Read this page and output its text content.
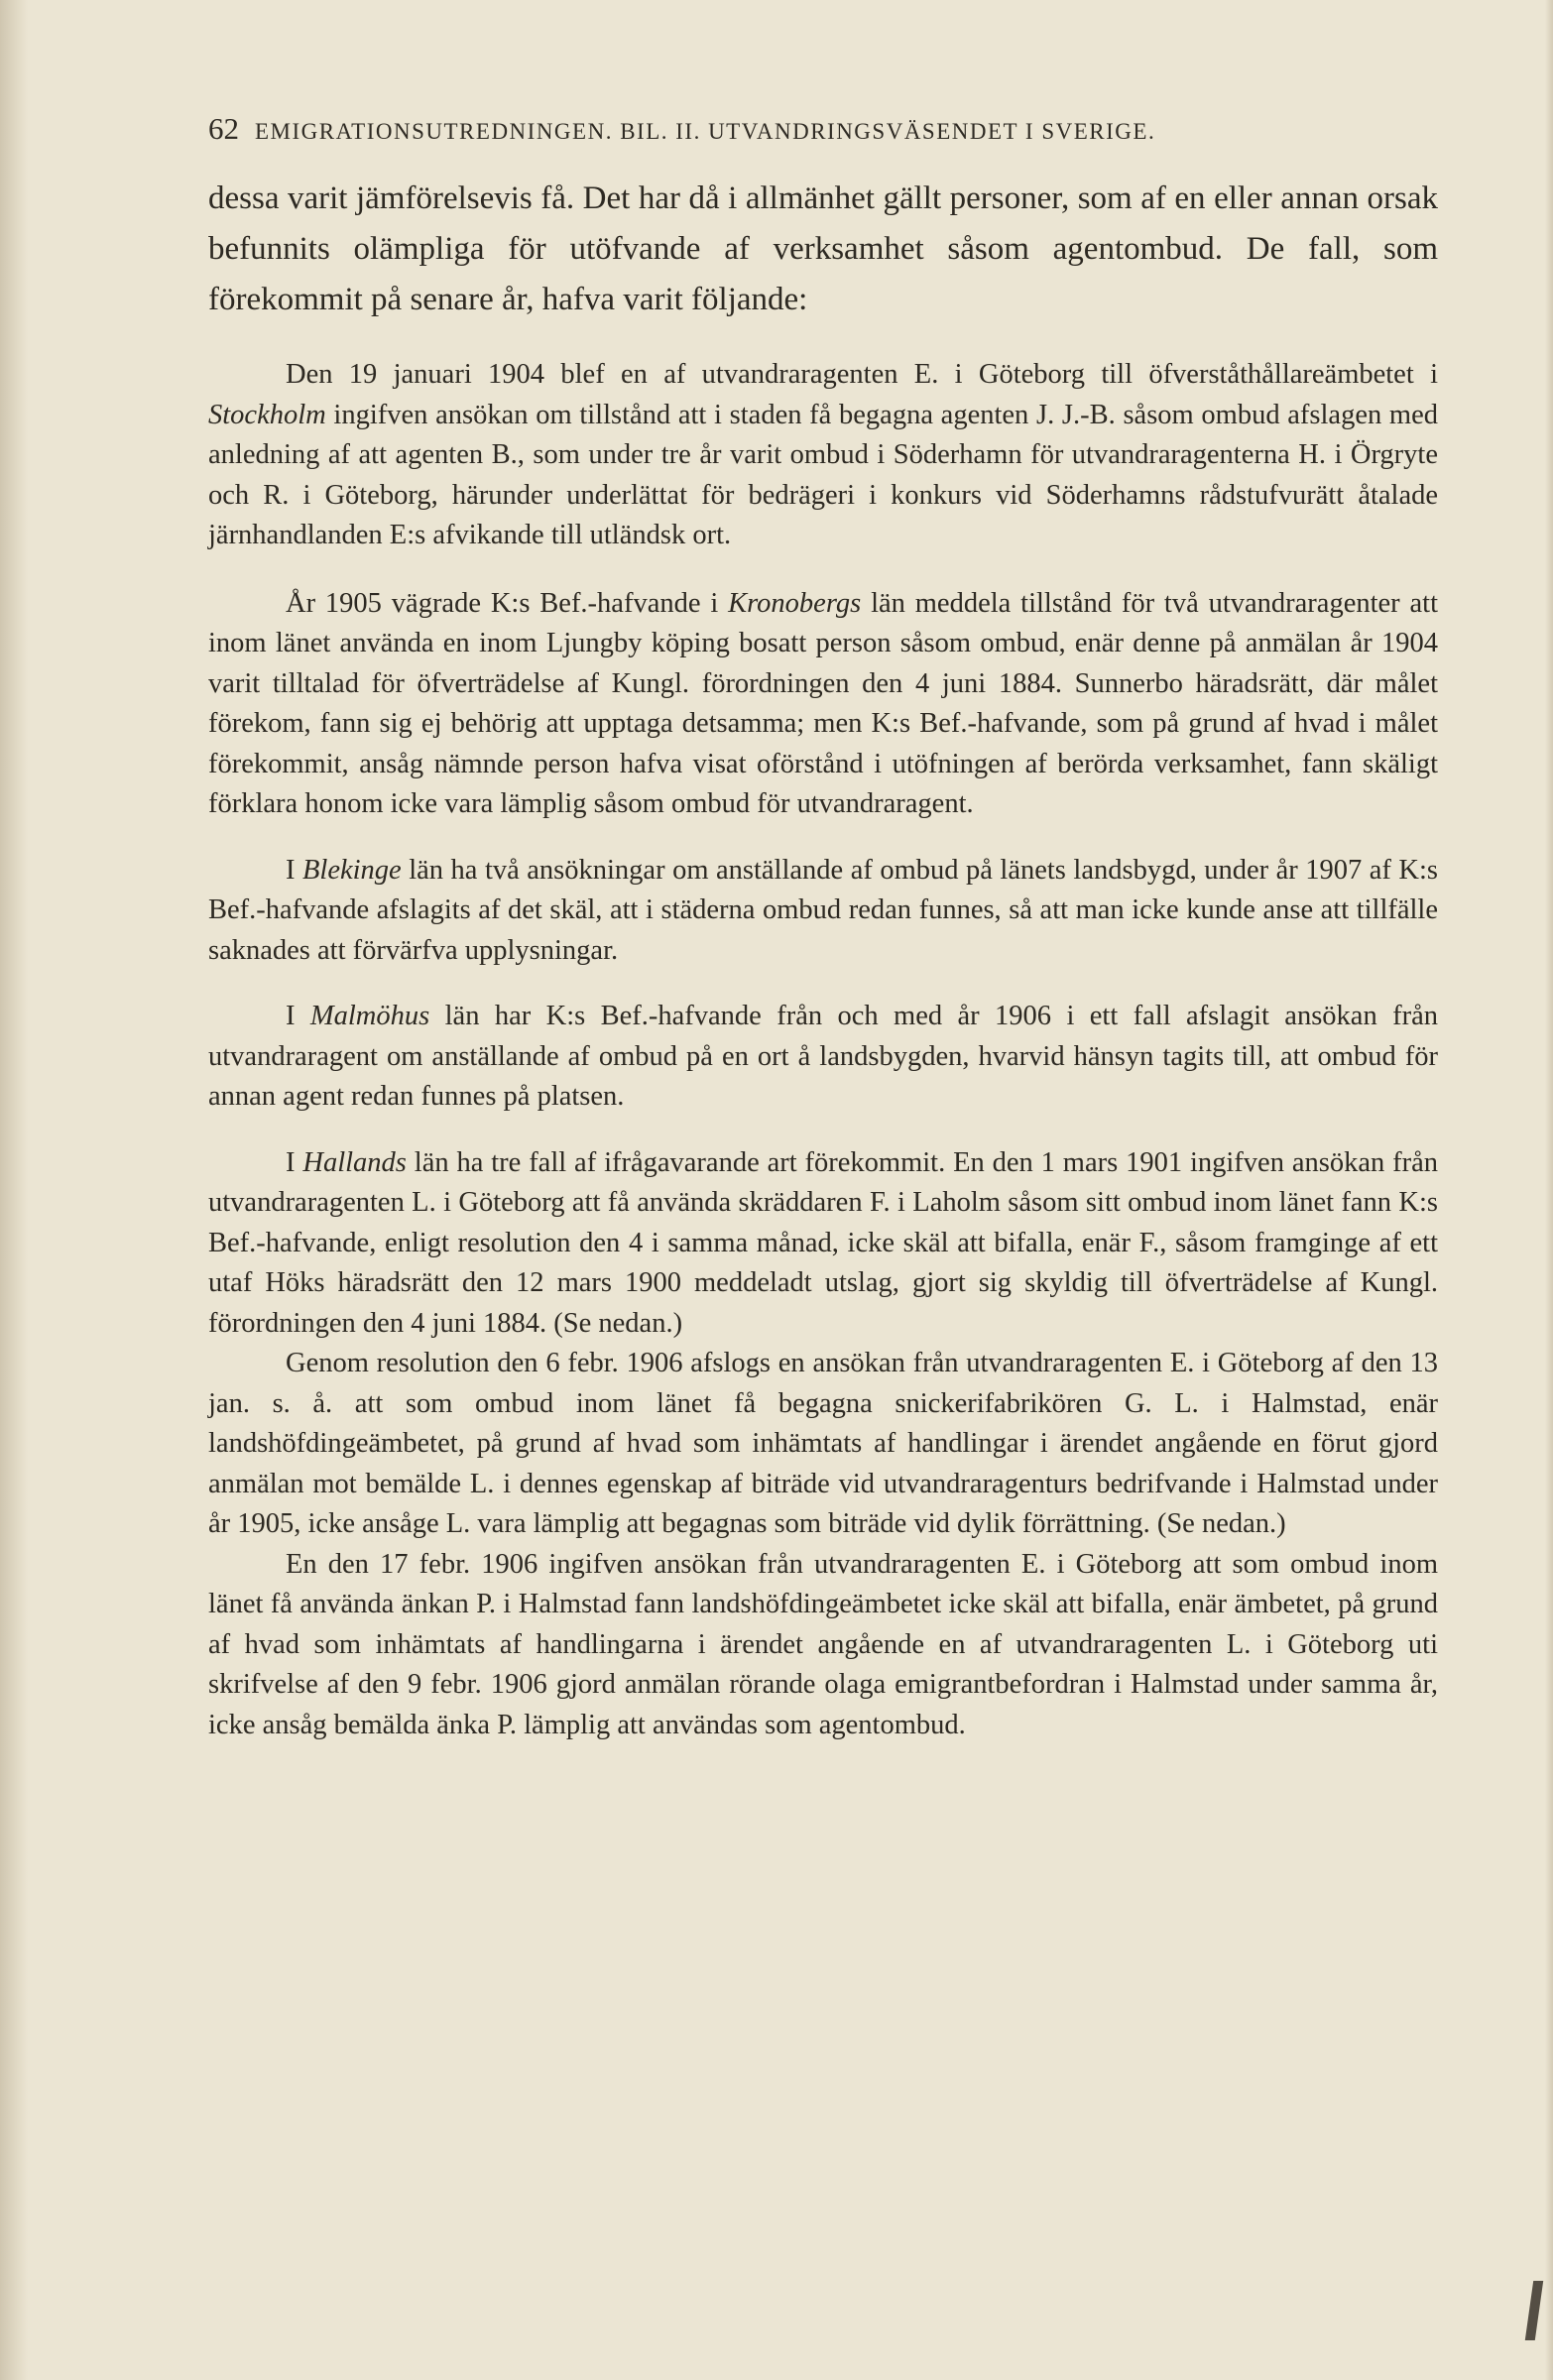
62 EMIGRATIONSUTREDNINGEN. BIL. II. UTVANDRINGSVÄSENDET I SVERIGE.

dessa varit jämförelsevis få. Det har då i allmänhet gällt personer, som af en eller annan orsak befunnits olämpliga för utöfvande af verksamhet såsom agentombud. De fall, som förekommit på senare år, hafva varit följande:

Den 19 januari 1904 blef en af utvandraragenten E. i Göteborg till öfverståthållareämbetet i Stockholm ingifven ansökan om tillstånd att i staden få begagna agenten J. J.-B. såsom ombud afslagen med anledning af att agenten B., som under tre år varit ombud i Söderhamn för utvandraragenterna H. i Örgryte och R. i Göteborg, härunder underlättat för bedrägeri i konkurs vid Söderhamns rådstufvurätt åtalade järnhandlanden E:s afvikande till utländsk ort.

År 1905 vägrade K:s Bef.-hafvande i Kronobergs län meddela tillstånd för två utvandraragenter att inom länet använda en inom Ljungby köping bosatt person såsom ombud, enär denne på anmälan år 1904 varit tilltalad för öfverträdelse af Kungl. förordningen den 4 juni 1884. Sunnerbo häradsrätt, där målet förekom, fann sig ej behörig att upptaga detsamma; men K:s Bef.-hafvande, som på grund af hvad i målet förekommit, ansåg nämnde person hafva visat oförstånd i utöfningen af berörda verksamhet, fann skäligt förklara honom icke vara lämplig såsom ombud för utvandraragent.

I Blekinge län ha två ansökningar om anställande af ombud på länets landsbygd, under år 1907 af K:s Bef.-hafvande afslagits af det skäl, att i städerna ombud redan funnes, så att man icke kunde anse att tillfälle saknades att förvärfva upplysningar.

I Malmöhus län har K:s Bef.-hafvande från och med år 1906 i ett fall afslagit ansökan från utvandraragent om anställande af ombud på en ort å landsbygden, hvarvid hänsyn tagits till, att ombud för annan agent redan funnes på platsen.

I Hallands län ha tre fall af ifrågavarande art förekommit. En den 1 mars 1901 ingifven ansökan från utvandraragenten L. i Göteborg att få använda skräddaren F. i Laholm såsom sitt ombud inom länet fann K:s Bef.-hafvande, enligt resolution den 4 i samma månad, icke skäl att bifalla, enär F., såsom framginge af ett utaf Höks häradsrätt den 12 mars 1900 meddeladt utslag, gjort sig skyldig till öfverträdelse af Kungl. förordningen den 4 juni 1884. (Se nedan.)

Genom resolution den 6 febr. 1906 afslogs en ansökan från utvandraragenten E. i Göteborg af den 13 jan. s. å. att som ombud inom länet få begagna snickerifabrikören G. L. i Halmstad, enär landshöfdingeämbetet, på grund af hvad som inhämtats af handlingar i ärendet angående en förut gjord anmälan mot bemälde L. i dennes egenskap af biträde vid utvandraragenturs bedrifvande i Halmstad under år 1905, icke ansåge L. vara lämplig att begagnas som biträde vid dylik förrättning. (Se nedan.)

En den 17 febr. 1906 ingifven ansökan från utvandraragenten E. i Göteborg att som ombud inom länet få använda änkan P. i Halmstad fann landshöfdingeämbetet icke skäl att bifalla, enär ämbetet, på grund af hvad som inhämtats af handlingarna i ärendet angående en af utvandraragenten L. i Göteborg uti skrifvelse af den 9 febr. 1906 gjord anmälan rörande olaga emigrantbefordran i Halmstad under samma år, icke ansåg bemälda änka P. lämplig att användas som agentombud.
